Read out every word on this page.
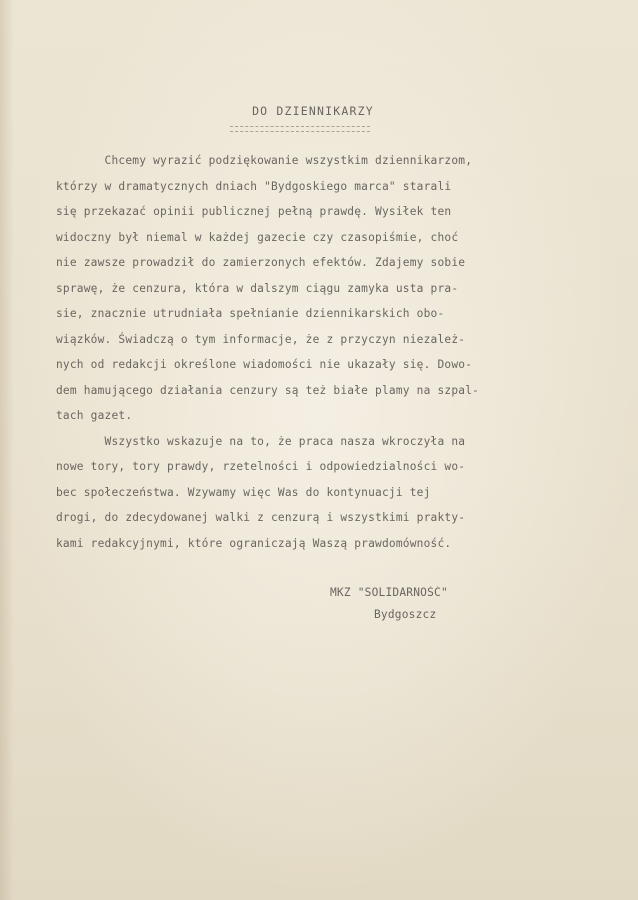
DO DZIENNIKARZY
Chcemy wyrazić podziękowanie wszystkim dziennikarzom,
którzy w dramatycznych dniach "Bydgoskiego marca" starali
się przekazać opinii publicznej pełną prawdę. Wysiłek ten
widoczny był niemal w każdej gazecie czy czasopiśmie, choć
nie zawsze prowadził do zamierzonych efektów. Zdajemy sobie
sprawę, że cenzura, która w dalszym ciągu zamyka usta pra-
sie, znacznie utrudniała spełnianie dziennikarskich obo-
wiązków. Świadczą o tym informacje, że z przyczyn niezależ-
nych od redakcji określone wiadomości nie ukazały się. Dowo-
dem hamującego działania cenzury są też białe plamy na szpal-
tach gazet.
Wszystko wskazuje na to, że praca nasza wkroczyła na
nowe tory, tory prawdy, rzetelności i odpowiedzialności wo-
bec społeczeństwa. Wzywamy więc Was do kontynuacji tej
drogi, do zdecydowanej walki z cenzurą i wszystkimi prakty-
kami redakcyjnymi, które ograniczają Waszą prawdomówność.
MKZ "SOLIDARNOŚĆ"
Bydgoszcz
